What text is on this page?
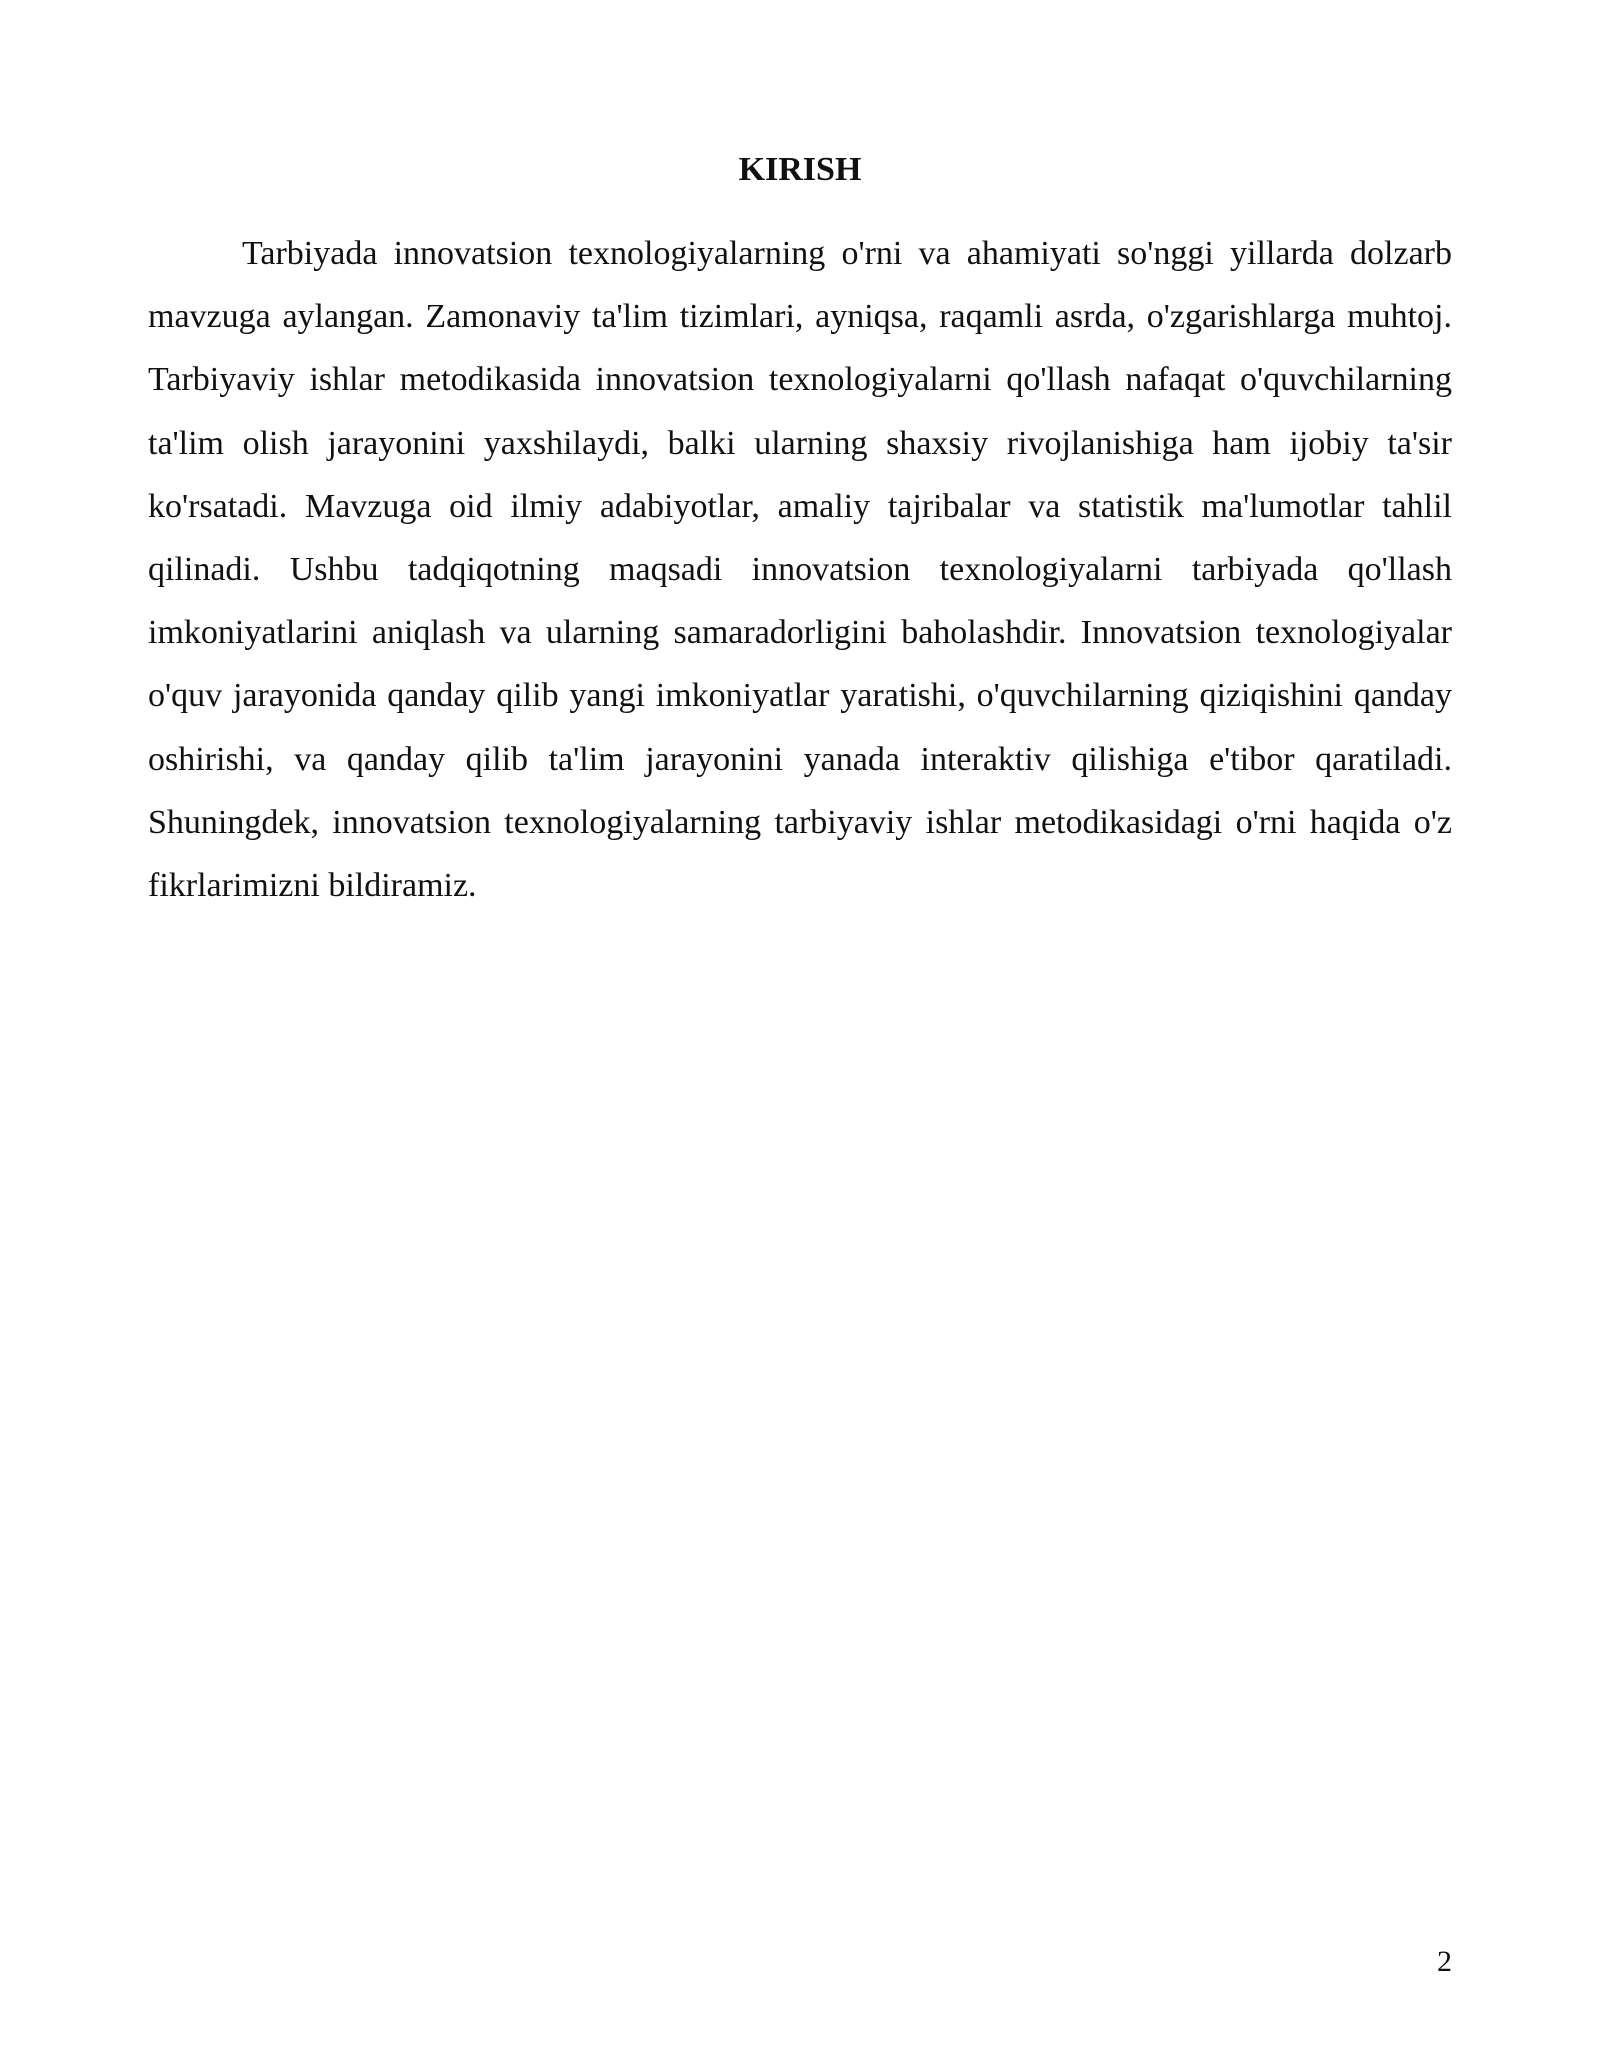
KIRISH

Tarbiyada innovatsion texnologiyalarning o'rni va ahamiyati so'nggi yillarda dolzarb mavzuga aylangan. Zamonaviy ta'lim tizimlari, ayniqsa, raqamli asrda, o'zgarishlarga muhtoj. Tarbiyaviy ishlar metodikasida innovatsion texnologiyalarni qo'llash nafaqat o'quvchilarning ta'lim olish jarayonini yaxshilaydi, balki ularning shaxsiy rivojlanishiga ham ijobiy ta'sir ko'rsatadi. Mavzuga oid ilmiy adabiyotlar, amaliy tajribalar va statistik ma'lumotlar tahlil qilinadi. Ushbu tadqiqotning maqsadi innovatsion texnologiyalarni tarbiyada qo'llash imkoniyatlarini aniqlash va ularning samaradorligini baholashdir. Innovatsion texnologiyalar o'quv jarayonida qanday qilib yangi imkoniyatlar yaratishi, o'quvchilarning qiziqishini qanday oshirishi, va qanday qilib ta'lim jarayonini yanada interaktiv qilishiga e'tibor qaratiladi. Shuningdek, innovatsion texnologiyalarning tarbiyaviy ishlar metodikasidagi o'rni haqida o'z fikrlarimizni bildiramiz.

2
